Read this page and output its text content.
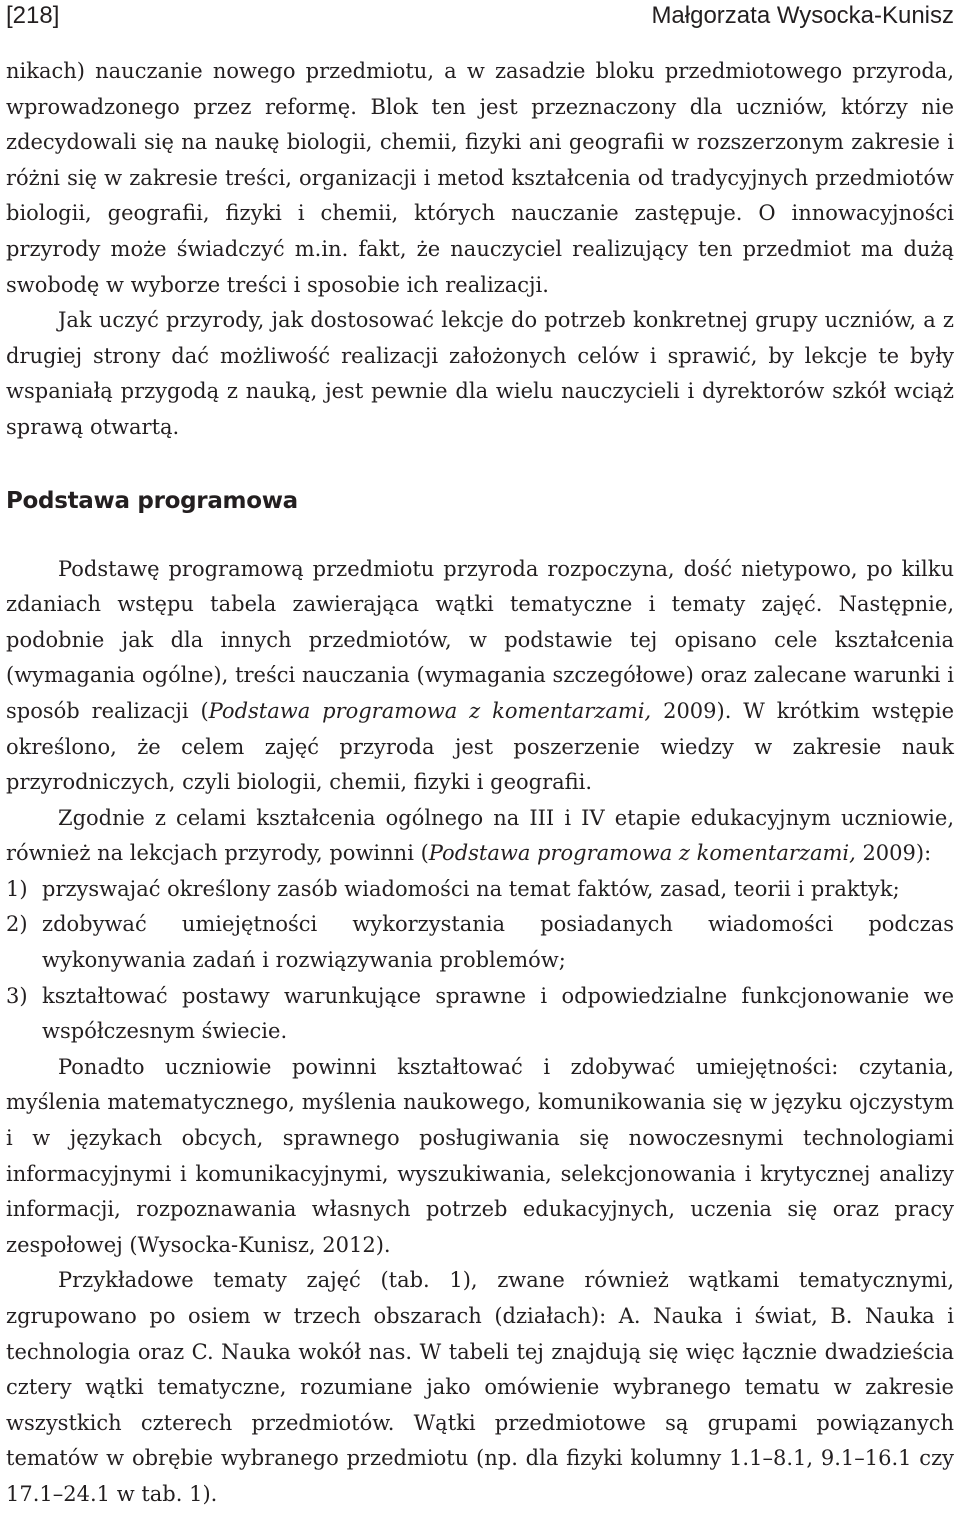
[218]	Małgorzata Wysocka-Kunisz

nikach) nauczanie nowego przedmiotu, a w zasadzie bloku przedmiotowego przyroda, wprowadzonego przez reformę. Blok ten jest przeznaczony dla uczniów, którzy nie zdecydowali się na naukę biologii, chemii, fizyki ani geografii w rozszerzonym zakresie i różni się w zakresie treści, organizacji i metod kształcenia od tradycyjnych przedmiotów biologii, geografii, fizyki i chemii, których nauczanie zastępuje. O innowacyjności przyrody może świadczyć m.in. fakt, że nauczyciel realizujący ten przedmiot ma dużą swobodę w wyborze treści i sposobie ich realizacji.

Jak uczyć przyrody, jak dostosować lekcje do potrzeb konkretnej grupy uczniów, a z drugiej strony dać możliwość realizacji założonych celów i sprawić, by lekcje te były wspaniałą przygodą z nauką, jest pewnie dla wielu nauczycieli i dyrektorów szkół wciąż sprawą otwartą.

Podstawa programowa

Podstawę programową przedmiotu przyroda rozpoczyna, dość nietypowo, po kilku zdaniach wstępu tabela zawierająca wątki tematyczne i tematy zajęć. Następnie, podobnie jak dla innych przedmiotów, w podstawie tej opisano cele kształcenia (wymagania ogólne), treści nauczania (wymagania szczegółowe) oraz zalecane warunki i sposób realizacji (Podstawa programowa z komentarzami, 2009). W krótkim wstępie określono, że celem zajęć przyroda jest poszerzenie wiedzy w zakresie nauk przyrodniczych, czyli biologii, chemii, fizyki i geografii.

Zgodnie z celami kształcenia ogólnego na III i IV etapie edukacyjnym uczniowie, również na lekcjach przyrody, powinni (Podstawa programowa z komentarzami, 2009):

1) przyswajać określony zasób wiadomości na temat faktów, zasad, teorii i praktyk;
2) zdobywać umiejętności wykorzystania posiadanych wiadomości podczas wykonywania zadań i rozwiązywania problemów;
3) kształtować postawy warunkujące sprawne i odpowiedzialne funkcjonowanie we współczesnym świecie.

Ponadto uczniowie powinni kształtować i zdobywać umiejętności: czytania, myślenia matematycznego, myślenia naukowego, komunikowania się w języku ojczystym i w językach obcych, sprawnego posługiwania się nowoczesnymi technologiami informacyjnymi i komunikacyjnymi, wyszukiwania, selekcjonowania i krytycznej analizy informacji, rozpoznawania własnych potrzeb edukacyjnych, uczenia się oraz pracy zespołowej (Wysocka-Kunisz, 2012).

Przykładowe tematy zajęć (tab. 1), zwane również wątkami tematycznymi, zgrupowano po osiem w trzech obszarach (działach): A. Nauka i świat, B. Nauka i technologia oraz C. Nauka wokół nas. W tabeli tej znajdują się więc łącznie dwadzieścia cztery wątki tematyczne, rozumiane jako omówienie wybranego tematu w zakresie wszystkich czterech przedmiotów. Wątki przedmiotowe są grupami powiązanych tematów w obrębie wybranego przedmiotu (np. dla fizyki kolumny 1.1–8.1, 9.1–16.1 czy 17.1–24.1 w tab. 1).
